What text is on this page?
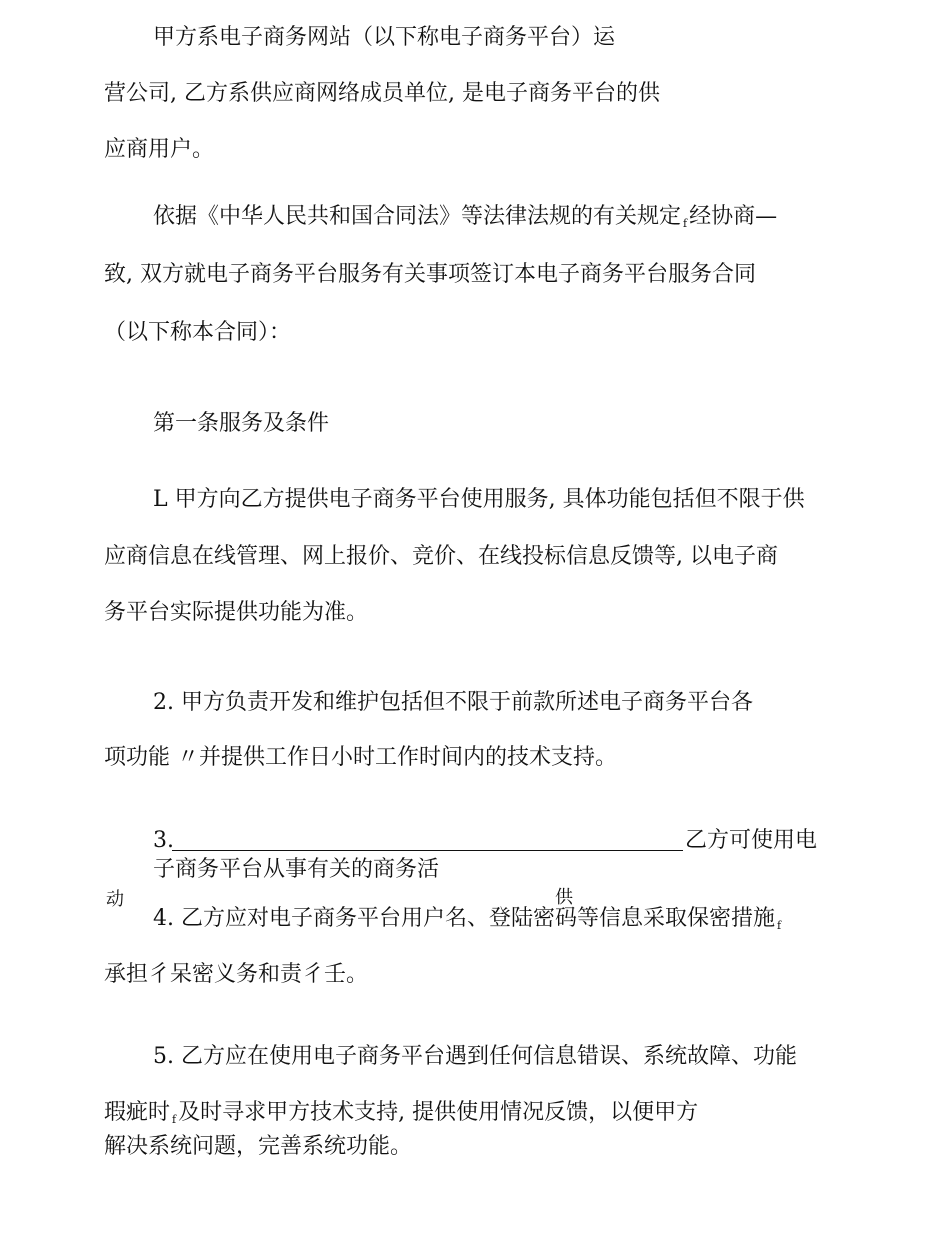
甲方系电子商务网站（以下称电子商务平台）运
营公司, 乙方系供应商网络成员单位, 是电子商务平台的供
应商用户。
依据《中华人民共和国合同法》等法律法规的有关规定 f经协商—
致, 双方就电子商务平台服务有关事项签订本电子商务平台服务合同
（以下称本合同）：
第一条服务及条件
L 甲方向乙方提供电子商务平台使用服务, 具体功能包括但不限于供
应商信息在线管理、网上报价、竞价、在线投标信息反馈等, 以电子商
务平台实际提供功能为准。
2. 甲方负责开发和维护包括但不限于前款所述电子商务平台各
项功能 〃并提供工作日小时工作时间内的技术支持。
3.	乙方可使用电
子商务平台从事有关的商务活
动	供
4. 乙方应对电子商务平台用户名、登陆密码等信息采取保密措施 f
承担彳呆密义务和责彳壬。
5. 乙方应在使用电子商务平台遇到任何信息错误、系统故障、功能
瑕疵时 f及时寻求甲方技术支持, 提供使用情况反馈，以便甲方
解决系统问题，完善系统功能。
